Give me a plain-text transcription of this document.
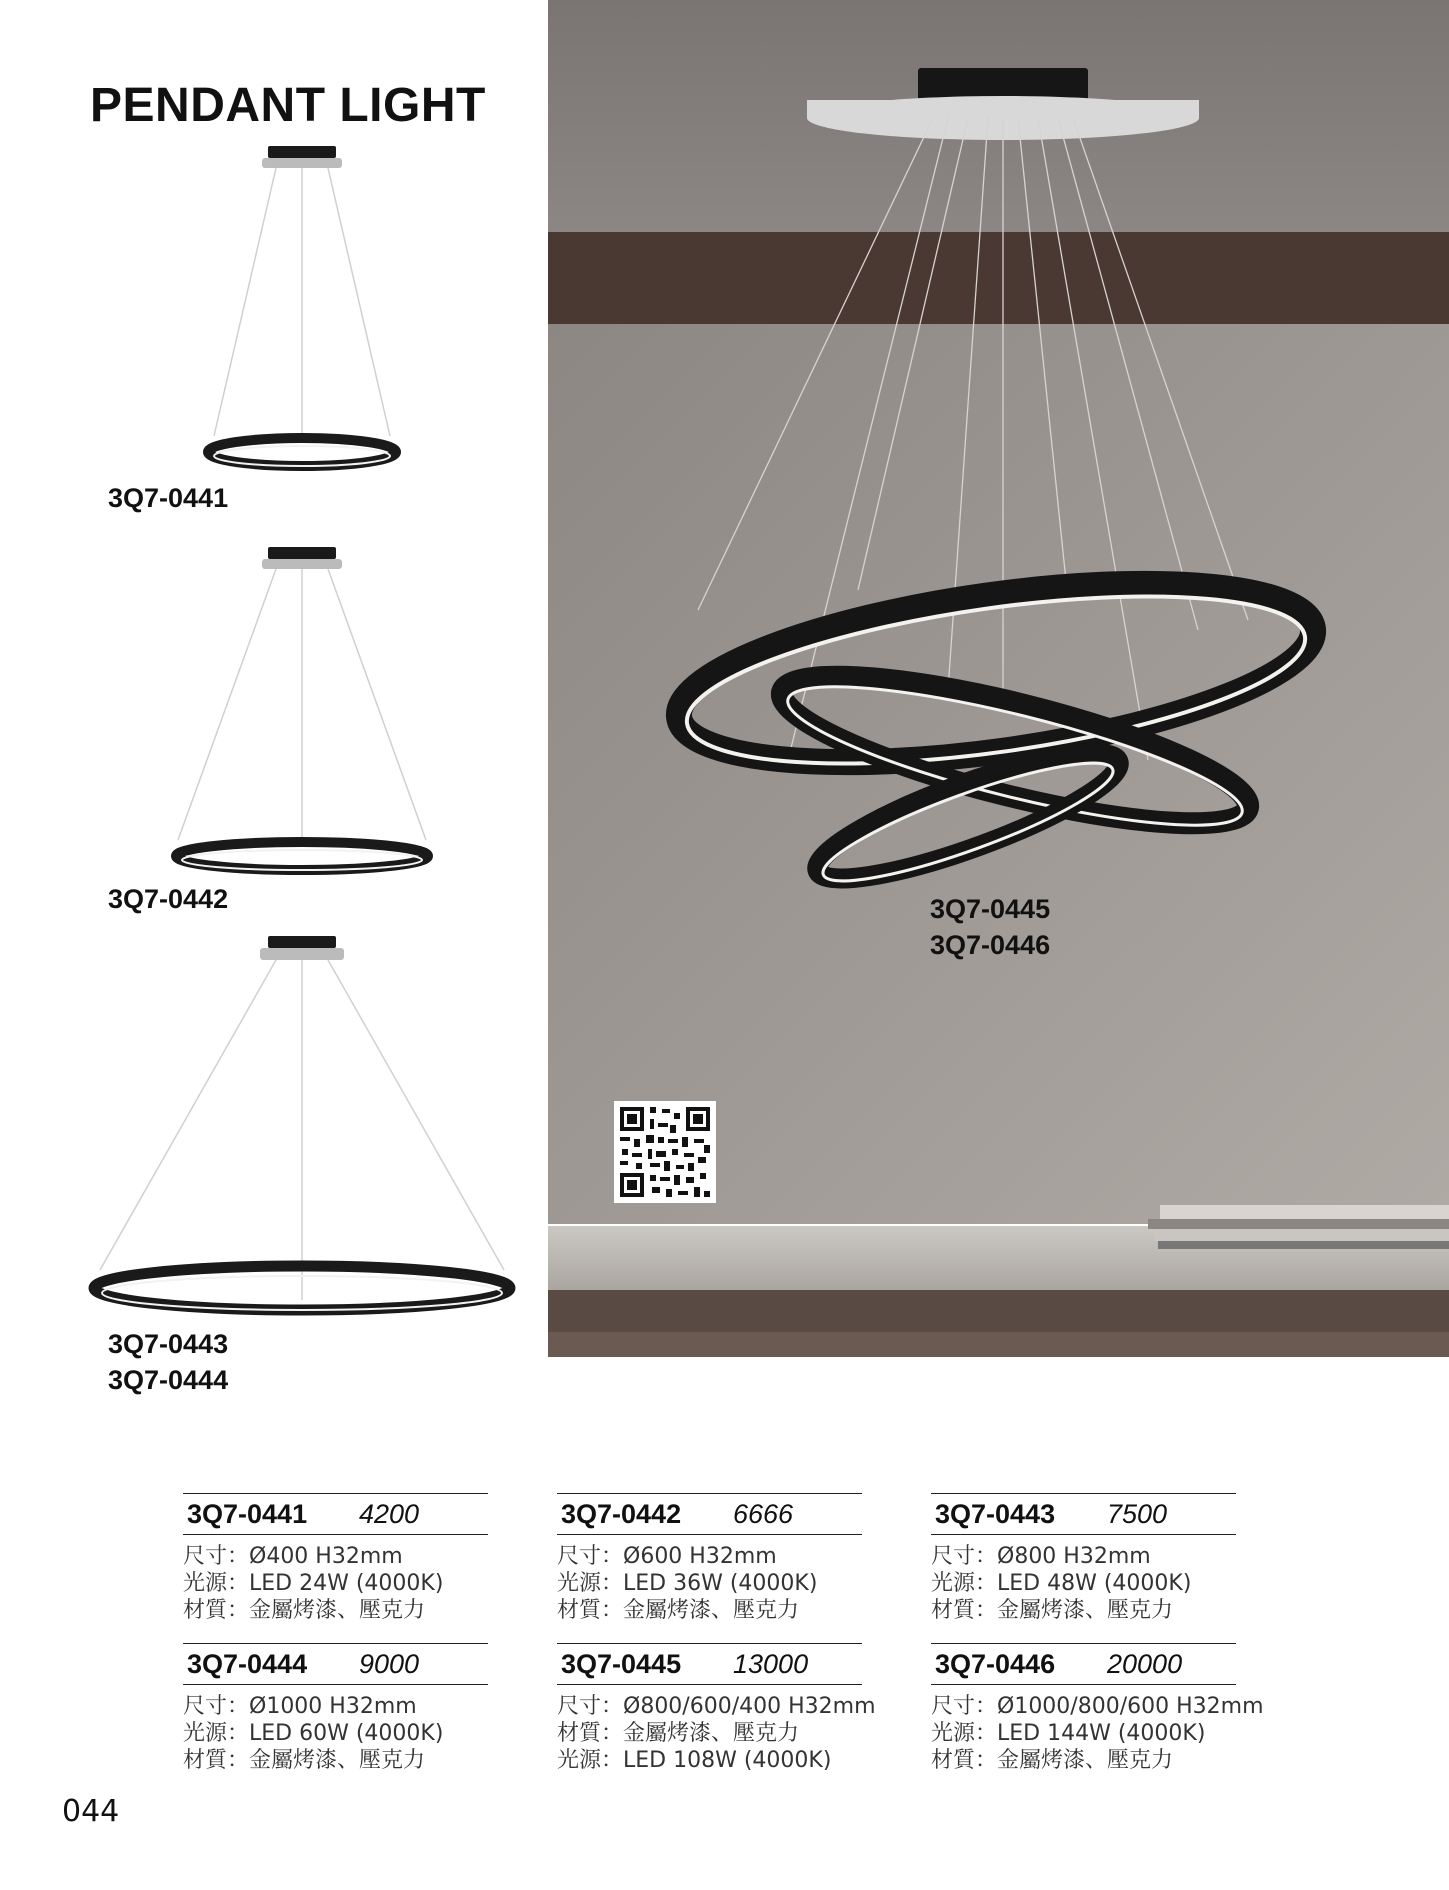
PENDANT LIGHT
3Q7-0441
3Q7-0442
3Q7-0443
3Q7-0444
3Q7-0445
3Q7-0446
3Q7-0441	4200
尺寸：Ø400 H32mm
光源：LED 24W (4000K)
材質：金屬烤漆、壓克力
3Q7-0442	6666
尺寸：Ø600 H32mm
光源：LED 36W (4000K)
材質：金屬烤漆、壓克力
3Q7-0443	7500
尺寸：Ø800 H32mm
光源：LED 48W (4000K)
材質：金屬烤漆、壓克力
3Q7-0444	9000
尺寸：Ø1000 H32mm
光源：LED 60W (4000K)
材質：金屬烤漆、壓克力
3Q7-0445	13000
尺寸：Ø800/600/400 H32mm
材質：金屬烤漆、壓克力
光源：LED 108W (4000K)
3Q7-0446	20000
尺寸：Ø1000/800/600 H32mm
光源：LED 144W (4000K)
材質：金屬烤漆、壓克力
044
